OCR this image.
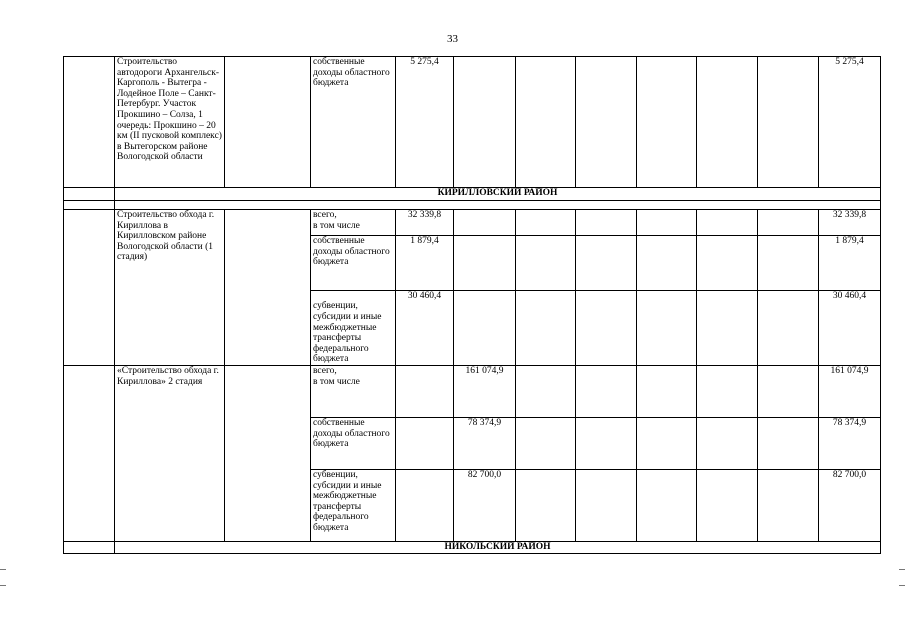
33
	Строительство автодороги Архангельск-Каргополь - Вытегра - Лодейное Поле – Санкт-Петербург. Участок Прокшино – Солза, 1 очередь: Прокшино – 20 км (II пусковой комплекс) в Вытегорском районе Вологодской области		собственные доходы областного бюджета	5 275,4							5 275,4
	КИРИЛЛОВСКИЙ РАЙОН										

	Строительство обхода г. Кириллова в Кирилловском районе Вологодской области (1 стадия)		всего,
в том числе	32 339,8							32 339,8
			собственные доходы областного бюджета	1 879,4							1 879,4
			субвенции, субсидии и иные межбюджетные трансферты федерального бюджета	30 460,4							30 460,4
	«Строительство обхода г. Кириллова» 2 стадия		всего,
в том числе		161 074,9						161 074,9
			собственные доходы областного бюджета		78 374,9						78 374,9
			субвенции, субсидии и иные межбюджетные трансферты федерального бюджета		82 700,0						82 700,0
	НИКОЛЬСКИЙ РАЙОН										
